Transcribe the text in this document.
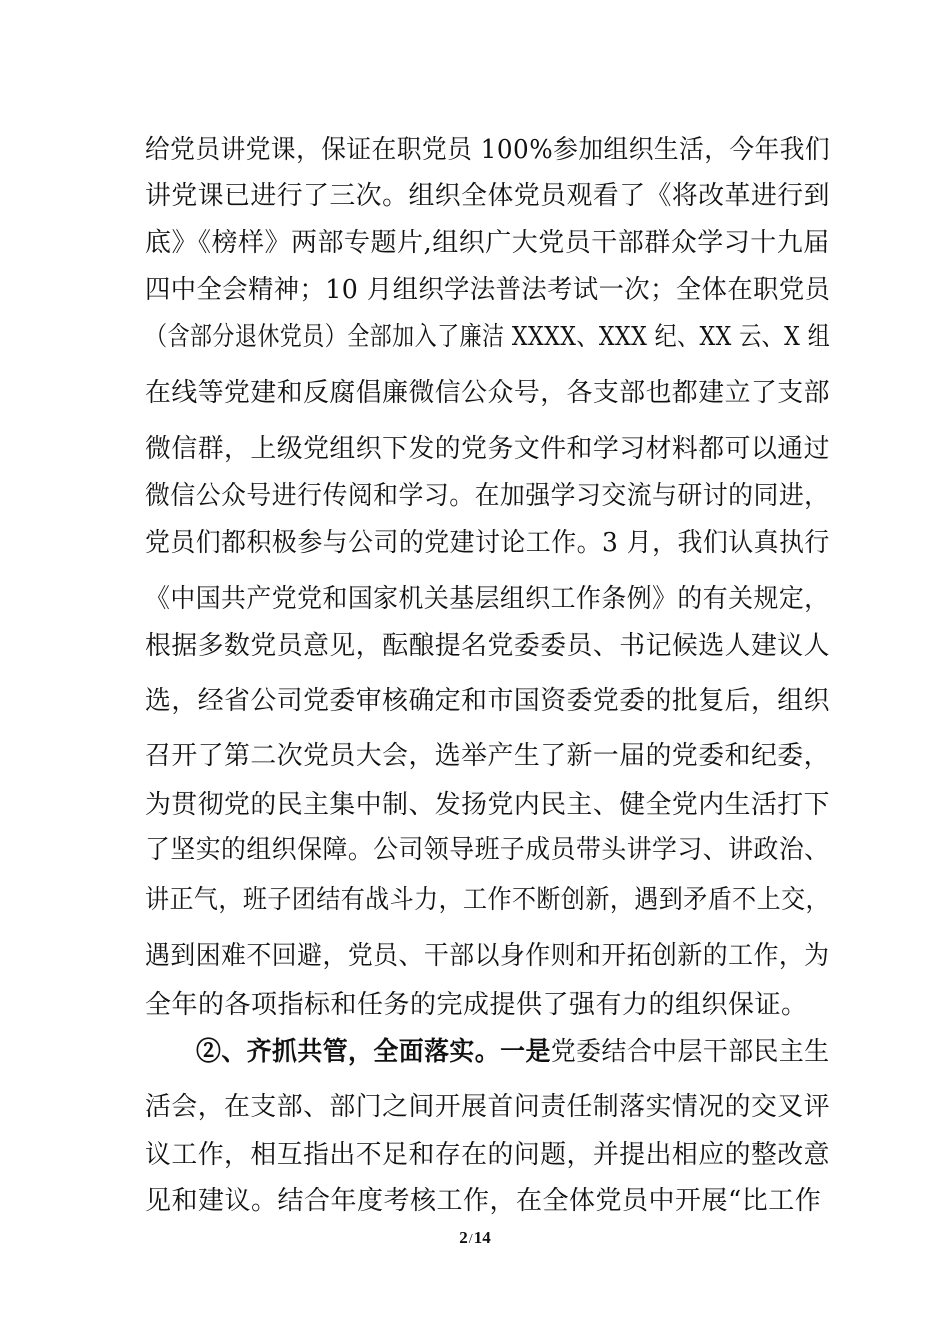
给党员讲党课，保证在职党员 100%参加组织生活，今年我们
讲党课已进行了三次。组织全体党员观看了《将改革进行到
底》《榜样》两部专题片,组织广大党员干部群众学习十九届
四中全会精神；10 月组织学法普法考试一次；全体在职党员
（含部分退休党员）全部加入了廉洁 XXXX、XXX 纪、XX 云、X 组
在线等党建和反腐倡廉微信公众号，各支部也都建立了支部
微信群，上级党组织下发的党务文件和学习材料都可以通过
微信公众号进行传阅和学习。在加强学习交流与研讨的同进，
党员们都积极参与公司的党建讨论工作。3 月，我们认真执行
《中国共产党党和国家机关基层组织工作条例》的有关规定，
根据多数党员意见，酝酿提名党委委员、书记候选人建议人
选，经省公司党委审核确定和市国资委党委的批复后，组织
召开了第二次党员大会，选举产生了新一届的党委和纪委，
为贯彻党的民主集中制、发扬党内民主、健全党内生活打下
了坚实的组织保障。公司领导班子成员带头讲学习、讲政治、
讲正气，班子团结有战斗力，工作不断创新，遇到矛盾不上交，
遇到困难不回避，党员、干部以身作则和开拓创新的工作，为
全年的各项指标和任务的完成提供了强有力的组织保证。
②、齐抓共管，全面落实。一是党委结合中层干部民主生
活会，在支部、部门之间开展首问责任制落实情况的交叉评
议工作，相互指出不足和存在的问题，并提出相应的整改意
见和建议。结合年度考核工作，在全体党员中开展“比工作
2/14
